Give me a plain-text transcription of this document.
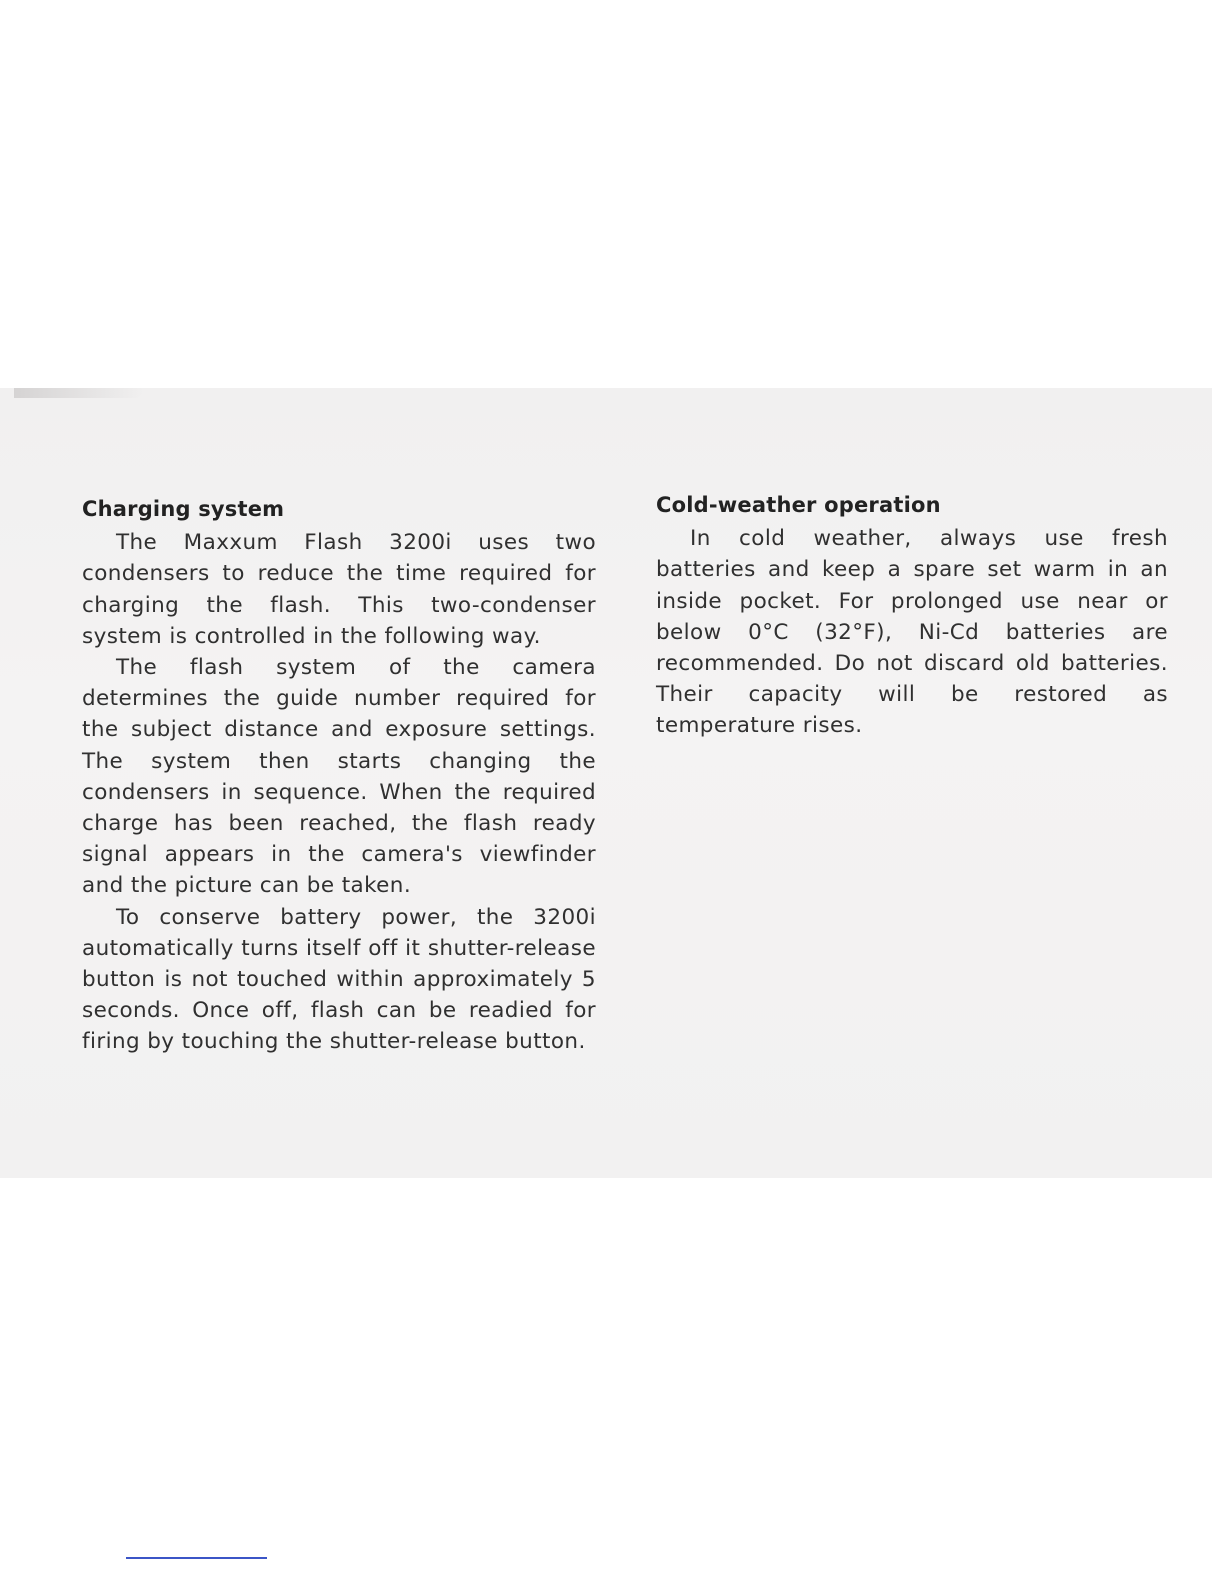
Charging system

The Maxxum Flash 3200i uses two condensers to reduce the time required for charging the flash. This two-condenser system is controlled in the following way.

The flash system of the camera determines the guide number required for the subject distance and exposure settings. The system then starts changing the condensers in sequence. When the required charge has been reached, the flash ready signal appears in the camera's viewfinder and the picture can be taken.

To conserve battery power, the 3200i automatically turns itself off it shutter-release button is not touched within approximately 5 seconds. Once off, flash can be readied for firing by touching the shutter-release button.

Cold-weather operation

In cold weather, always use fresh batteries and keep a spare set warm in an inside pocket. For prolonged use near or below 0°C (32°F), Ni-Cd batteries are recommended. Do not discard old batteries. Their capacity will be restored as temperature rises.
